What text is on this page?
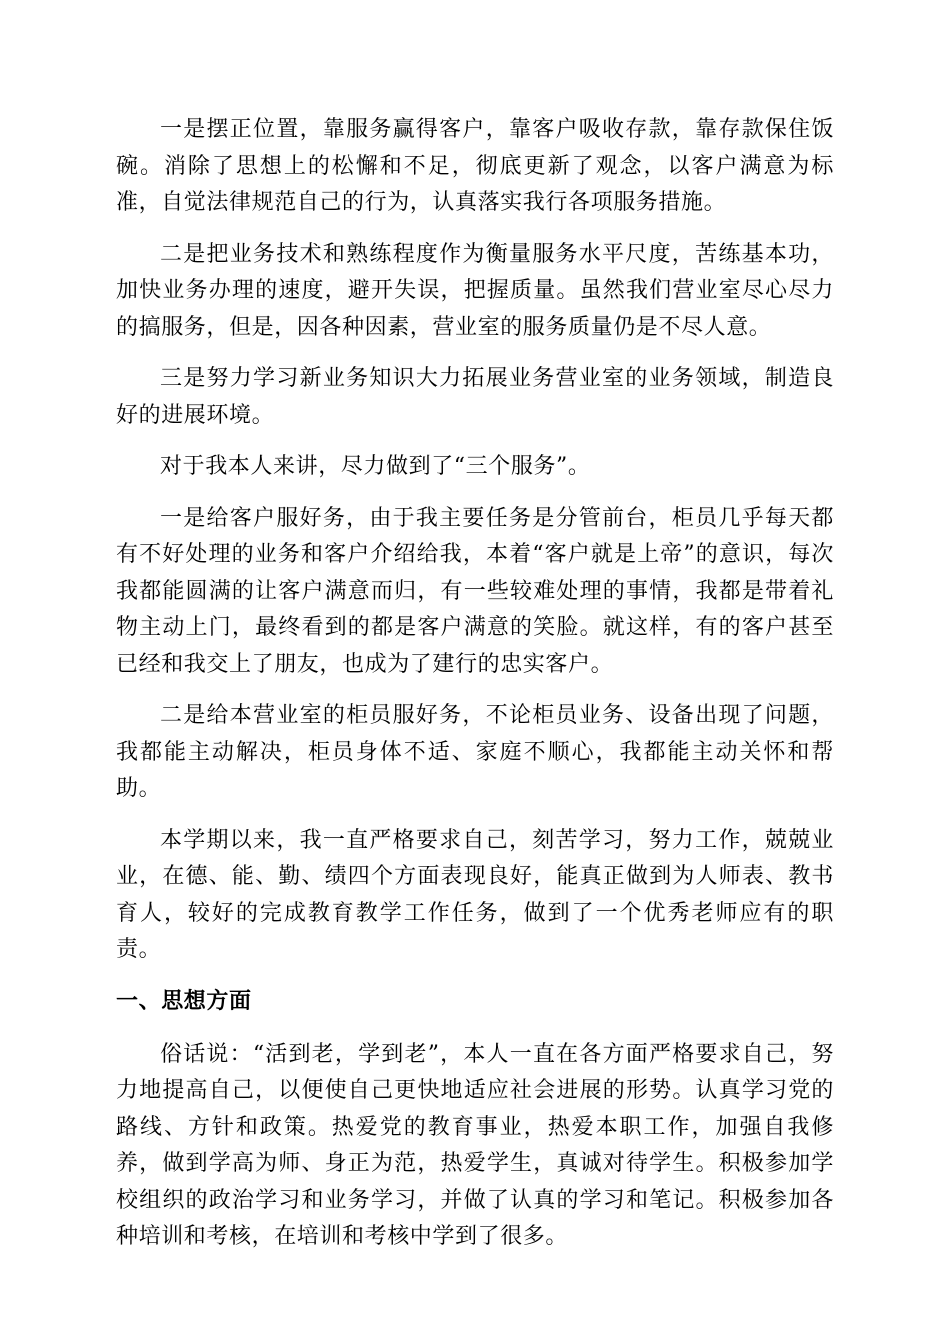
一是摆正位置，靠服务赢得客户，靠客户吸收存款，靠存款保住饭碗。消除了思想上的松懈和不足，彻底更新了观念，以客户满意为标准，自觉法律规范自己的行为，认真落实我行各项服务措施。

二是把业务技术和熟练程度作为衡量服务水平尺度，苦练基本功，加快业务办理的速度，避开失误，把握质量。虽然我们营业室尽心尽力的搞服务，但是，因各种因素，营业室的服务质量仍是不尽人意。

三是努力学习新业务知识大力拓展业务营业室的业务领域，制造良好的进展环境。

对于我本人来讲，尽力做到了“三个服务”。

一是给客户服好务，由于我主要任务是分管前台，柜员几乎每天都有不好处理的业务和客户介绍给我，本着“客户就是上帝”的意识，每次我都能圆满的让客户满意而归，有一些较难处理的事情，我都是带着礼物主动上门，最终看到的都是客户满意的笑脸。就这样，有的客户甚至已经和我交上了朋友，也成为了建行的忠实客户。

二是给本营业室的柜员服好务，不论柜员业务、设备出现了问题，我都能主动解决，柜员身体不适、家庭不顺心，我都能主动关怀和帮助。

本学期以来，我一直严格要求自己，刻苦学习，努力工作，兢兢业业，在德、能、勤、绩四个方面表现良好，能真正做到为人师表、教书育人，较好的完成教育教学工作任务，做到了一个优秀老师应有的职责。

一、思想方面

俗话说：“活到老，学到老”，本人一直在各方面严格要求自己，努力地提高自己，以便使自己更快地适应社会进展的形势。认真学习党的路线、方针和政策。热爱党的教育事业，热爱本职工作，加强自我修养，做到学高为师、身正为范，热爱学生，真诚对待学生。积极参加学校组织的政治学习和业务学习，并做了认真的学习和笔记。积极参加各种培训和考核，在培训和考核中学到了很多。
